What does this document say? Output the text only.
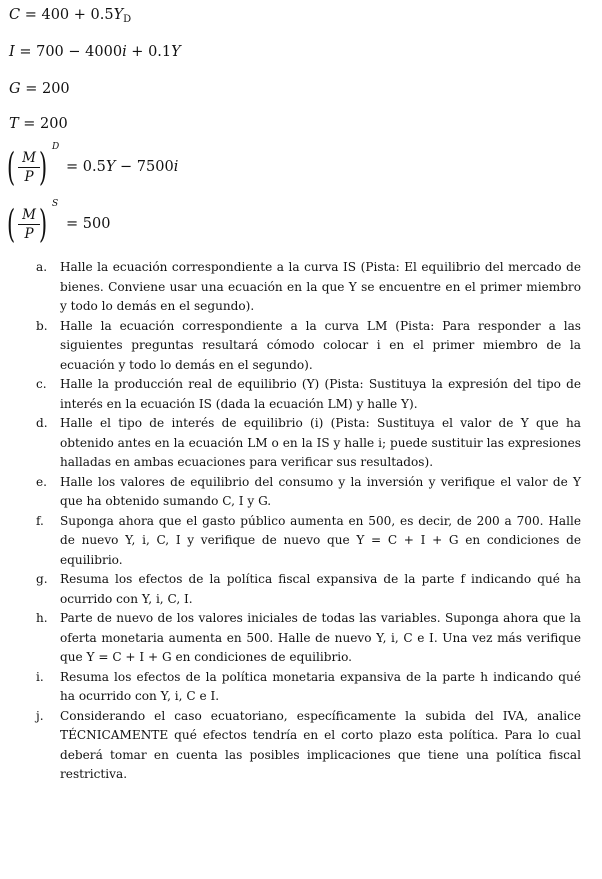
$C = 400 + 0.5Y_D$
I = 700 − 4000i + 0.1Y
G = 200
T = 200
( M
P ) D
= 0.5Y − 7500i
( M
P ) S
= 500
a. Halle la ecuación correspondiente a la curva IS (Pista: El equilibrio del mercado de bienes. Conviene usar una ecuación en la que Y se encuentre en el primer miembro y todo lo demás en el segundo).
b. Halle la ecuación correspondiente a la curva LM (Pista: Para responder a las siguientes preguntas resultará cómodo colocar i en el primer miembro de la ecuación y todo lo demás en el segundo).
c. Halle la producción real de equilibrio (Y) (Pista: Sustituya la expresión del tipo de interés en la ecuación IS (dada la ecuación LM) y halle Y).
d. Halle el tipo de interés de equilibrio (i) (Pista: Sustituya el valor de Y que ha obtenido antes en la ecuación LM o en la IS y halle i; puede sustituir las expresiones halladas en ambas ecuaciones para verificar sus resultados).
e. Halle los valores de equilibrio del consumo y la inversión y verifique el valor de Y que ha obtenido sumando C, I y G.
f. Suponga ahora que el gasto público aumenta en 500, es decir, de 200 a 700. Halle de nuevo Y, i, C, I y verifique de nuevo que Y = C + I + G en condiciones de equilibrio.
g. Resuma los efectos de la política fiscal expansiva de la parte f indicando qué ha ocurrido con Y, i, C, I.
h. Parte de nuevo de los valores iniciales de todas las variables. Suponga ahora que la oferta monetaria aumenta en 500. Halle de nuevo Y, i, C e I. Una vez más verifique que Y = C + I + G en condiciones de equilibrio.
i. Resuma los efectos de la política monetaria expansiva de la parte h indicando qué ha ocurrido con Y, i, C e I.
j. Considerando el caso ecuatoriano, específicamente la subida del IVA, analice TÉCNICAMENTE qué efectos tendría en el corto plazo esta política. Para lo cual deberá tomar en cuenta las posibles implicaciones que tiene una política fiscal restrictiva.
